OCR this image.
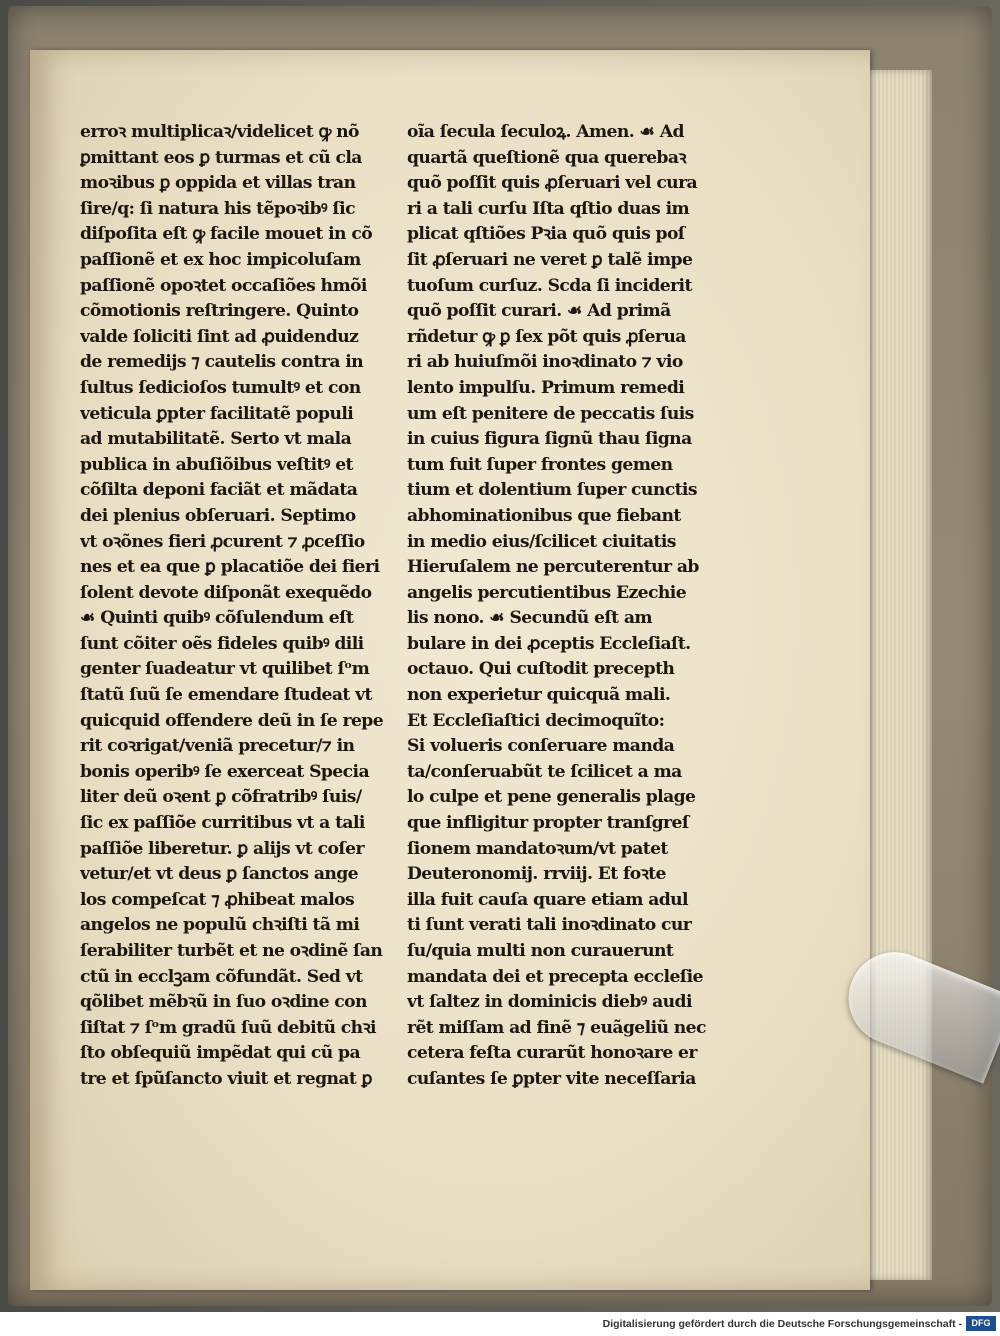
erroꝛ multiplicaꝛ/videlicet ꝙ nõ
ꝑmittant eos ꝑ turmas et cũ cla
moꝛibus ꝑ oppida et villas tran
ſire/q: ſi natura his tẽpoꝛibꝰ ſic
diſpoſita eſt ꝙ facile mouet in cõ
paſſionẽ et ex hoc impicoluſam
paſſionẽ opoꝛtet occaſiões hmõi
cõmotionis reſtringere. Quinto
valde ſoliciti ſint ad ꝓuidenduz
de remedijs ⁊ cautelis contra in
ſultus ſedicioſos tumultꝰ et con
veticula ꝑpter facilitatẽ populi
ad mutabilitatẽ. Serto vt mala
publica in abuſiõibus veſtitꝰ et
cõſilta deponi faciãt et mãdata
dei plenius obſeruari. Septimo
vt oꝛõnes fieri ꝓcurent ⁊ ꝓceſſio
nes et ea que ꝑ placatiõe dei fieri
ſolent devote diſponãt exequẽdo
☙ Quinti quibꝰ cõſulendum eſt
ſunt cõiter oẽs fideles quibꝰ dili
genter ſuadeatur vt quilibet ſᵒm
ſtatũ ſuũ ſe emendare ſtudeat vt
quicquid offendere deũ in ſe repe
rit coꝛrigat/veniã precetur/⁊ in
bonis operibꝰ ſe exerceat Specia
liter deũ oꝛent ꝑ cõfratribꝰ ſuis/
ſic ex paſſiõe curritibus vt a tali
paſſiõe liberetur. ꝑ alijs vt coſer
vetur/et vt deus ꝑ ſanctos ange
los compeſcat ⁊ ꝓhibeat malos
angelos ne populũ chꝛiſti tã mi
ſerabiliter turbẽt et ne oꝛdinẽ ſan
ctũ in ecclꝫam cõfundãt. Sed vt
qõlibet mẽbꝛũ in ſuo oꝛdine con
ſiſtat ⁊ ſᵒm gradũ ſuũ debitũ chꝛi
ſto obſequiũ impẽdat qui cũ pa
tre et ſpũſancto viuit et regnat ꝑ
oĩa ſecula ſeculoꝝ. Amen. ☙ Ad
quartã queſtionẽ qua querebaꝛ
quõ poſſit quis ꝓſeruari vel cura
ri a tali curſu Iſta qſtio duas im
plicat qſtiões Pꝛia quõ quis poſ
ſit ꝓſeruari ne veret ꝑ talẽ impe
tuoſum curſuz. Scda ſi inciderit
quõ poſſit curari. ☙ Ad primã
rñdetur ꝙ ꝑ ſex põt quis ꝓſerua
ri ab huiuſmõi inoꝛdinato ⁊ vio
lento impulſu. Primum remedi
um eſt penitere de peccatis ſuis
in cuius figura ſignũ thau ſigna
tum fuit ſuper frontes gemen
tium et dolentium ſuper cunctis
abhominationibus que fiebant
in medio eius/ſcilicet ciuitatis
Hieruſalem ne percuterentur ab
angelis percutientibus Ezechie
lis nono. ☙ Secundũ eſt am
bulare in dei ꝓceptis Eccleſiaſt.
octauo. Qui cuſtodit precepth
non experietur quicquã mali.
Et Eccleſiaſtici decimoquĩto:
Si volueris conſeruare manda
ta/conſeruabũt te ſcilicet a ma
lo culpe et pene generalis plage
que infligitur propter tranſgreſ
ſionem mandatoꝛum/vt patet
Deuteronomij. rrviij. Et foꝛte
illa fuit cauſa quare etiam adul
ti ſunt verati tali inoꝛdinato cur
ſu/quia multi non curauerunt
mandata dei et precepta eccleſie
vt ſaltez in dominicis diebꝰ audi
rẽt miſſam ad finẽ ⁊ euãgeliũ nec
cetera feſta curarũt honoꝛare er
cuſantes ſe ꝑpter vite neceſſaria
Digitalisierung gefördert durch die Deutsche Forschungsgemeinschaft -	DFG
